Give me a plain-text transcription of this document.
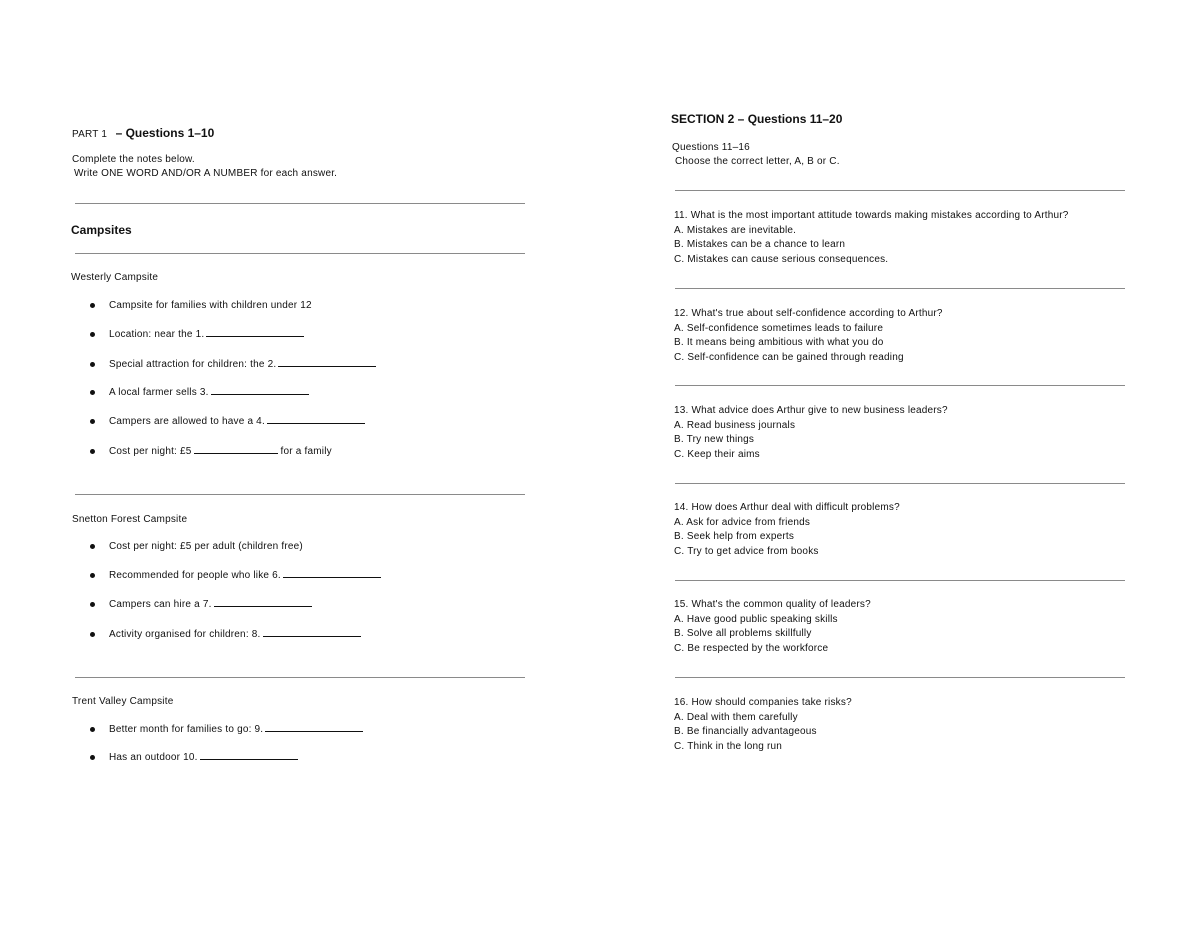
PART 1 – Questions 1–10
Complete the notes below.
Write ONE WORD AND/OR A NUMBER for each answer.
Campsites
Westerly Campsite
Campsite for families with children under 12
Location: near the 1.
Special attraction for children: the 2.
A local farmer sells 3.
Campers are allowed to have a 4.
Cost per night: £5	for a family
Snetton Forest Campsite
Cost per night: £5 per adult (children free)
Recommended for people who like 6.
Campers can hire a 7.
Activity organised for children: 8.
Trent Valley Campsite
Better month for families to go: 9.
Has an outdoor 10.
SECTION 2 – Questions 11–20
Questions 11–16
Choose the correct letter, A, B or C.
11. What is the most important attitude towards making mistakes according to Arthur?
A. Mistakes are inevitable.
B. Mistakes can be a chance to learn
C. Mistakes can cause serious consequences.
12. What's true about self-confidence according to Arthur?
A. Self-confidence sometimes leads to failure
B. It means being ambitious with what you do
C. Self-confidence can be gained through reading
13. What advice does Arthur give to new business leaders?
A. Read business journals
B. Try new things
C. Keep their aims
14. How does Arthur deal with difficult problems?
A. Ask for advice from friends
B. Seek help from experts
C. Try to get advice from books
15. What's the common quality of leaders?
A. Have good public speaking skills
B. Solve all problems skillfully
C. Be respected by the workforce
16. How should companies take risks?
A. Deal with them carefully
B. Be financially advantageous
C. Think in the long run
